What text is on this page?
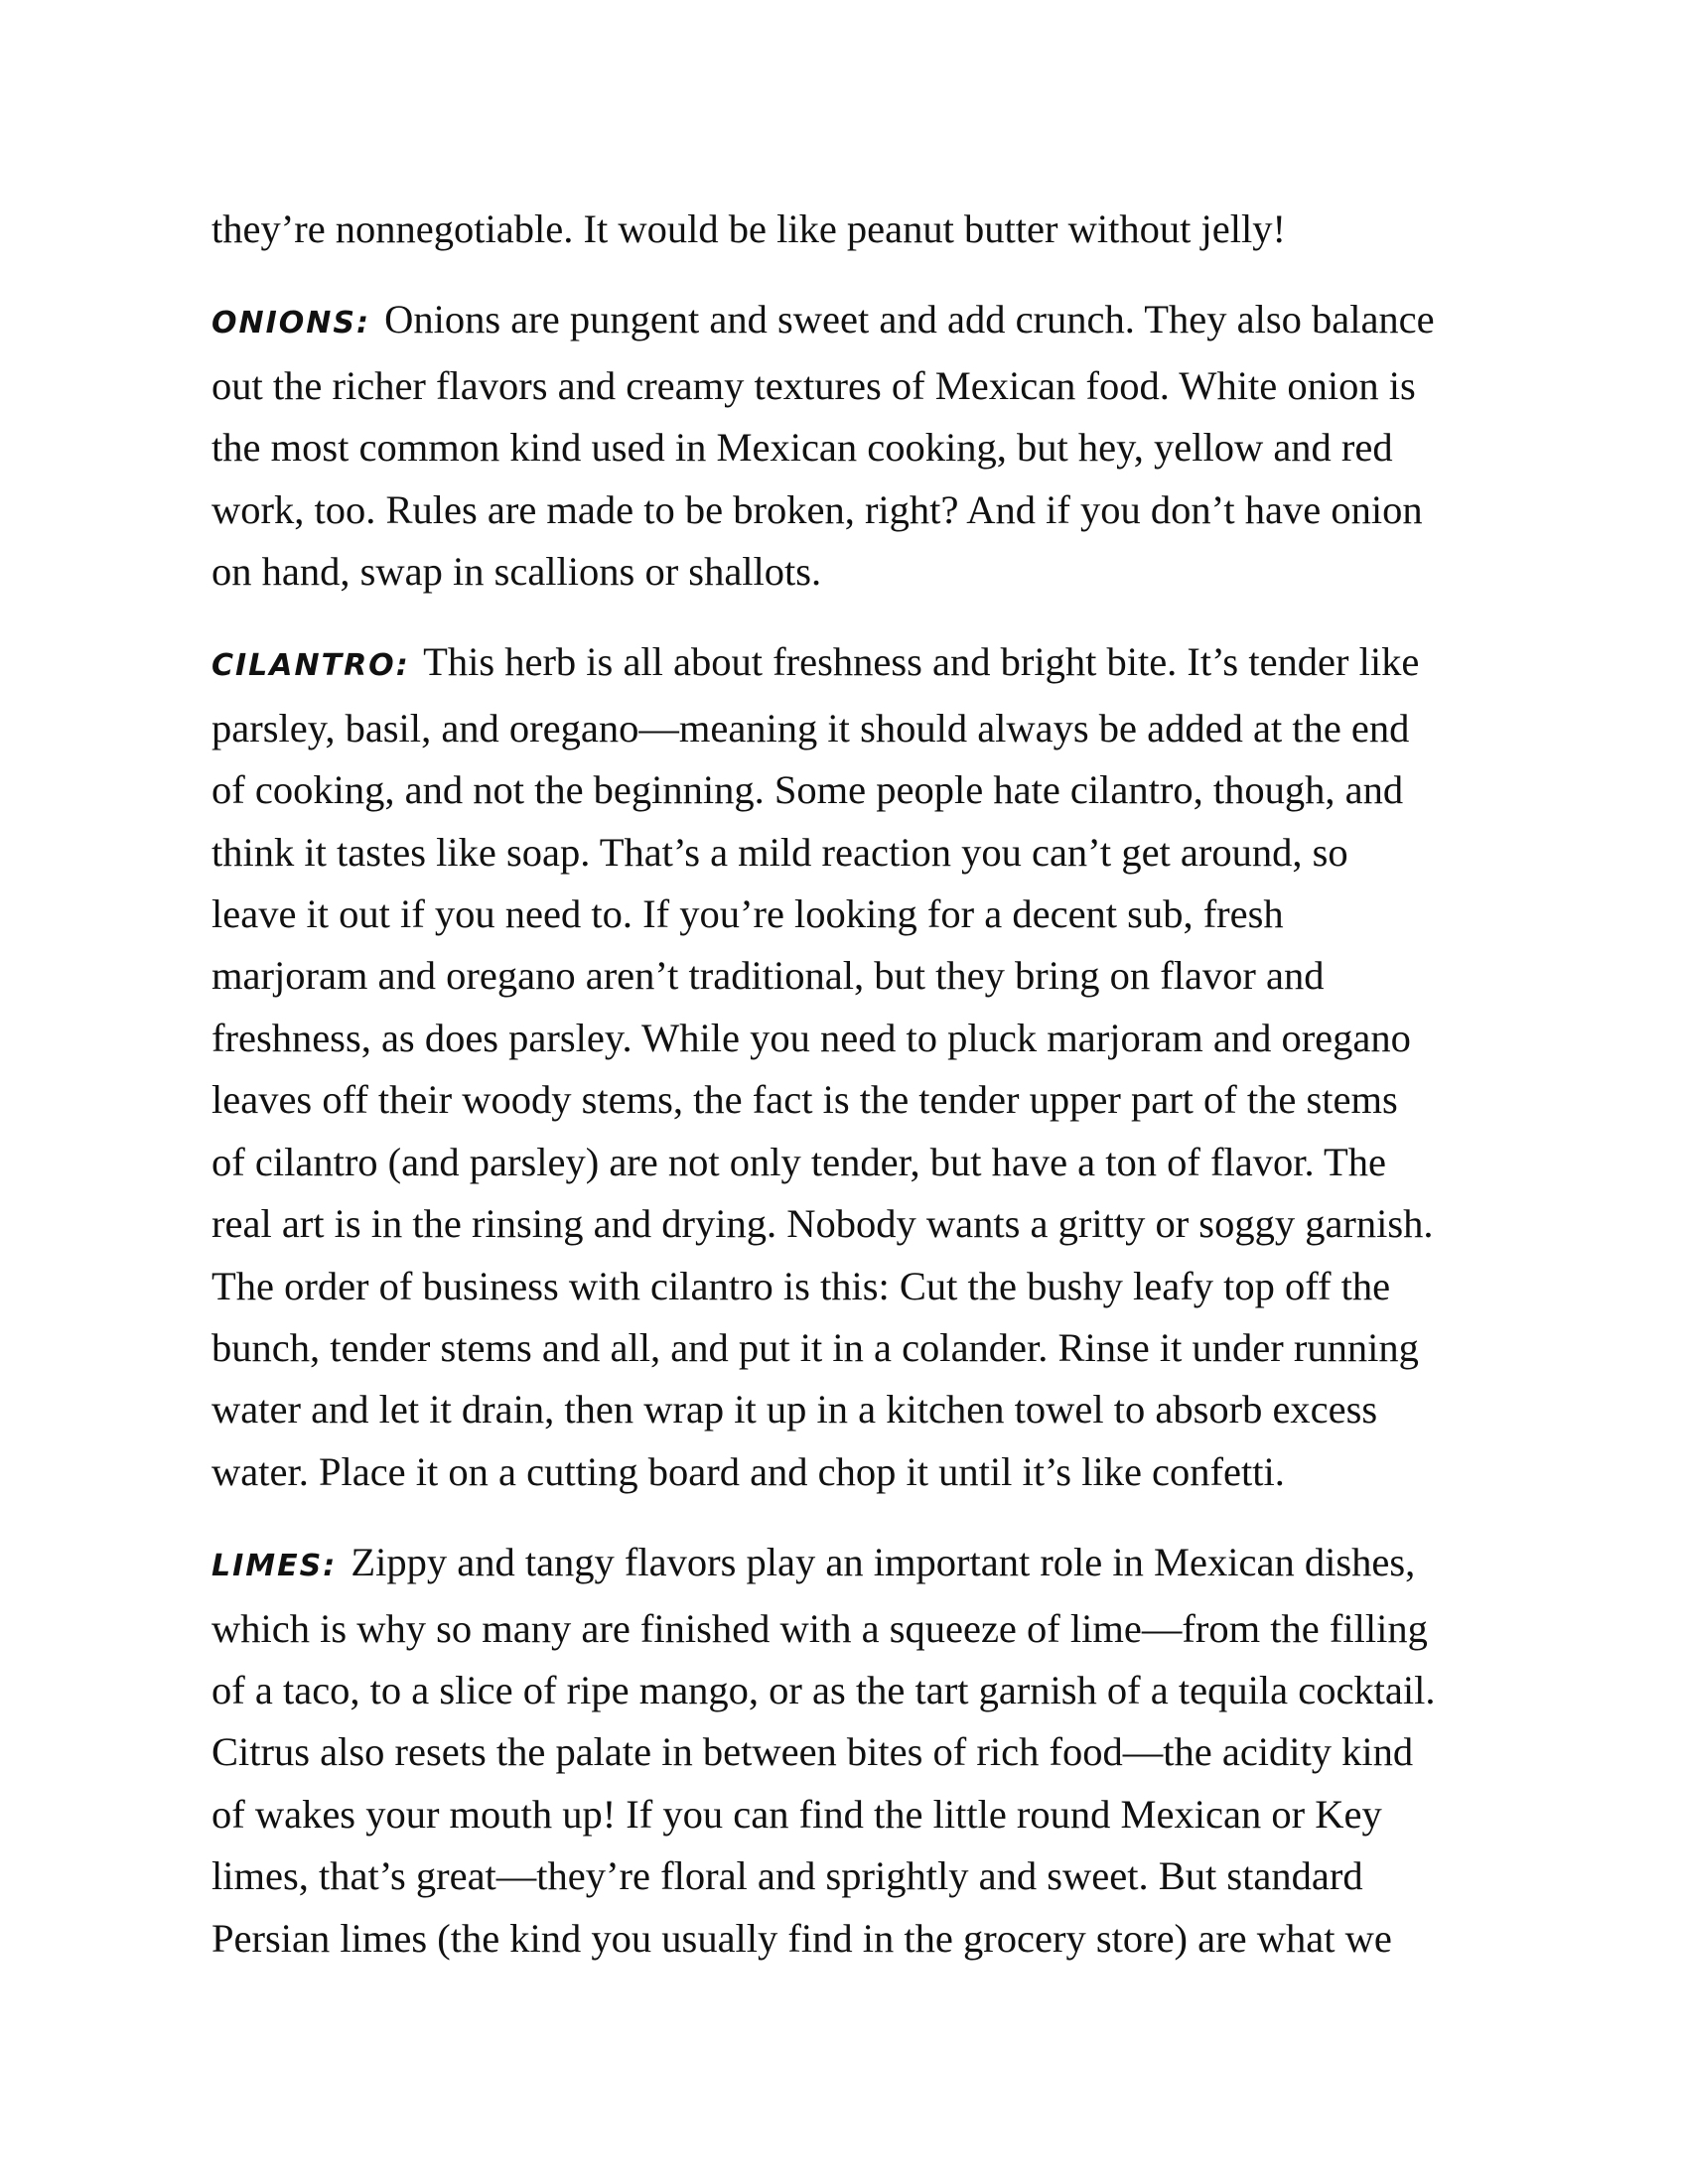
they’re nonnegotiable. It would be like peanut butter without jelly!

ONIONS: Onions are pungent and sweet and add crunch. They also balance
out the richer flavors and creamy textures of Mexican food. White onion is
the most common kind used in Mexican cooking, but hey, yellow and red
work, too. Rules are made to be broken, right? And if you don’t have onion
on hand, swap in scallions or shallots.

CILANTRO: This herb is all about freshness and bright bite. It’s tender like
parsley, basil, and oregano—meaning it should always be added at the end
of cooking, and not the beginning. Some people hate cilantro, though, and
think it tastes like soap. That’s a mild reaction you can’t get around, so
leave it out if you need to. If you’re looking for a decent sub, fresh
marjoram and oregano aren’t traditional, but they bring on flavor and
freshness, as does parsley. While you need to pluck marjoram and oregano
leaves off their woody stems, the fact is the tender upper part of the stems
of cilantro (and parsley) are not only tender, but have a ton of flavor. The
real art is in the rinsing and drying. Nobody wants a gritty or soggy garnish.
The order of business with cilantro is this: Cut the bushy leafy top off the
bunch, tender stems and all, and put it in a colander. Rinse it under running
water and let it drain, then wrap it up in a kitchen towel to absorb excess
water. Place it on a cutting board and chop it until it’s like confetti.

LIMES: Zippy and tangy flavors play an important role in Mexican dishes,
which is why so many are finished with a squeeze of lime—from the filling
of a taco, to a slice of ripe mango, or as the tart garnish of a tequila cocktail.
Citrus also resets the palate in between bites of rich food—the acidity kind
of wakes your mouth up! If you can find the little round Mexican or Key
limes, that’s great—they’re floral and sprightly and sweet. But standard
Persian limes (the kind you usually find in the grocery store) are what we
